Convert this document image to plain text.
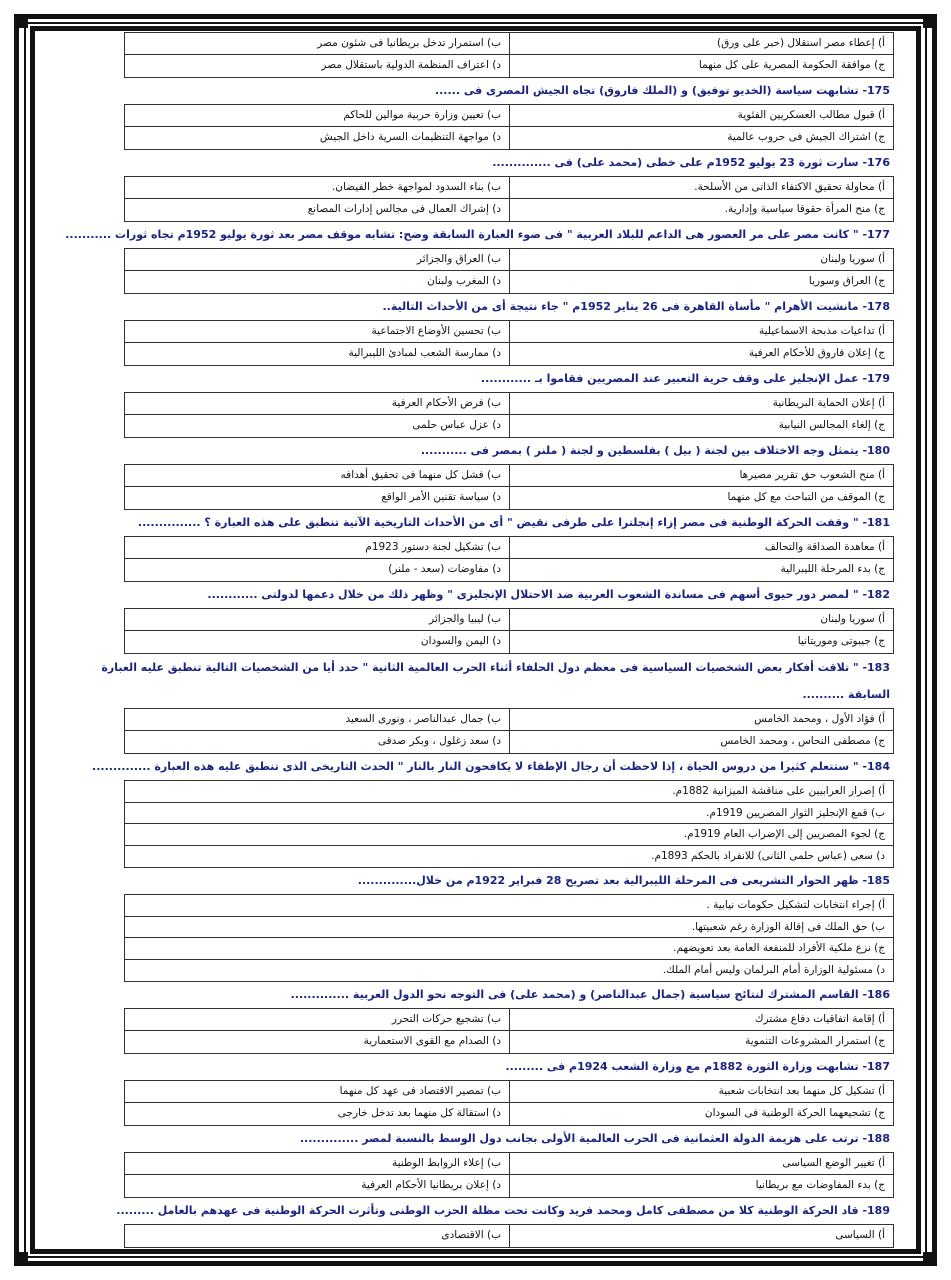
أ) إعطاء مصر استقلال (حبر على ورق)
ب) استمرار تدخل بريطانيا فى شئون مصر
ج) موافقة الحكومة المصرية على كل منهما
د) اعتراف المنظمة الدولية باستقلال مصر
175- تشابهت سياسة (الخديو توفيق) و (الملك فاروق) تجاه الجيش المصرى فى ......
أ) قبول مطالب العسكريين الفئوية
ب) تعيين وزارة حربية موالين للحاكم
ج) اشتراك الجيش فى حروب عالمية
د) مواجهة التنظيمات السرية داخل الجيش
176- سارت ثورة 23 يوليو 1952م على خطى (محمد على) فى ..............
أ) محاولة تحقيق الاكتفاء الذاتى من الأسلحة.
ب) بناء السدود لمواجهة خطر الفيضان.
ج) منح المرأة حقوقا سياسية وإدارية.
د) إشراك العمال فى مجالس إدارات المصانع
177- " كانت مصر على مر العصور هى الداعم للبلاد العربية " فى ضوء العبارة السابقة وضح: تشابه موقف مصر بعد ثورة يوليو 1952م تجاه ثورات ...........
أ) سوريا ولبنان
ب) العراق والجزائر
ج) العراق وسوريا
د) المغرب ولبنان
178- مانشيت الأهرام " مأساة القاهرة فى 26 يناير 1952م " جاء نتيجة أى من الأحداث التالية..
أ) تداعيات مذبحة الاسماعيلية
ب) تحسين الأوضاع الاجتماعية
ج) إعلان فاروق للأحكام العرفية
د) ممارسة الشعب لمبادئ الليبرالية
179- عمل الإنجليز على وقف حرية التعبير عند المصريين فقاموا بـ ............
أ) إعلان الحماية البريطانية
ب) فرض الأحكام العرفية
ج) إلغاء المجالس النيابية
د) عزل عباس حلمى
180- يتمثل وجه الاختلاف بين لجنة ( بيل ) بفلسطين و لجنة ( ملنر ) بمصر فى ...........
أ) منح الشعوب حق تقرير مصيرها
ب) فشل كل منهما فى تحقيق أهدافه
ج) الموقف من التباحث مع كل منهما
د) سياسة تقنين الأمر الواقع
181- " وقفت الحركة الوطنية فى مصر إزاء إنجلترا على طرفى نقيض " أى من الأحداث التاريخية الآتية تنطبق على هذه العبارة ؟ ...............
أ) معاهدة الصداقة والتحالف
ب) تشكيل لجنة دستور 1923م
ج) بدء المرحلة الليبرالية
د) مفاوضات (سعد - ملنر)
182- " لمصر دور حيوى أسهم فى مساندة الشعوب العربية ضد الاحتلال الإنجليزى " وظهر ذلك من خلال دعمها لدولتى ............
أ) سوريا ولبنان
ب) ليبيا والجزائر
ج) جيبوتى وموريتانيا
د) اليمن والسودان
183- " تلاقت أفكار بعض الشخصيات السياسية فى معظم دول الحلفاء أثناء الحرب العالمية الثانية " حدد أيا من الشخصيات التالية تنطبق عليه العبارة السابقة ..........
أ) فؤاد الأول ، ومحمد الخامس
ب) جمال عبدالناصر ، ونورى السعيد
ج) مصطفى النحاس ، ومحمد الخامس
د) سعد زغلول ، وبكر صدقى
184- " ستتعلم كثيرا من دروس الحياة ، إذا لاحظت أن رجال الإطفاء لا يكافحون النار بالنار " الحدث التاريخى الذى تنطبق عليه هذه العبارة ..............
أ) إصرار العرابيين على مناقشة الميزانية 1882م.
ب) قمع الإنجليز الثوار المصريين 1919م.
ج) لجوء المصريين إلى الإضراب العام 1919م.
د) سعى (عباس حلمى الثانى) للانفراد بالحكم 1893م.
185- ظهر الحوار التشريعى فى المرحلة الليبرالية بعد تصريح 28 فبراير 1922م من خلال..............
أ) إجراء انتخابات لتشكيل حكومات نيابية .
ب) حق الملك فى إقالة الوزارة رغم شعبيتها.
ج) نزع ملكية الأفراد للمنفعة العامة بعد تعويضهم.
د) مسئولية الوزارة أمام البرلمان وليس أمام الملك.
186- القاسم المشترك لنتائج سياسية (جمال عبدالناصر) و (محمد على) فى التوجه نحو الدول العربية ..............
أ) إقامة اتفاقيات دفاع مشترك
ب) تشجيع حركات التحرر
ج) استمرار المشروعات التنموية
د) الصدام مع القوى الاستعمارية
187- تشابهت وزارة الثورة 1882م مع وزارة الشعب 1924م فى .........
أ) تشكيل كل منهما بعد انتخابات شعبية
ب) تمصير الاقتصاد فى عهد كل منهما
ج) تشجيعهما الحركة الوطنية فى السودان
د) استقالة كل منهما بعد تدخل خارجى
188- ترتب على هزيمة الدولة العثمانية فى الحرب العالمية الأولى بجانب دول الوسط بالنسبة لمصر ..............
أ) تغيير الوضع السياسى
ب) إعلاء الروابط الوطنية
ج) بدء المفاوضات مع بريطانيا
د) إعلان بريطانيا الأحكام العرفية
189- قاد الحركة الوطنية كلا من مصطفى كامل ومحمد فريد وكانت تحت مظلة الحزب الوطنى وتأثرت الحركة الوطنية فى عهدهم بالعامل .........
أ) السياسى
ب) الاقتصادى
